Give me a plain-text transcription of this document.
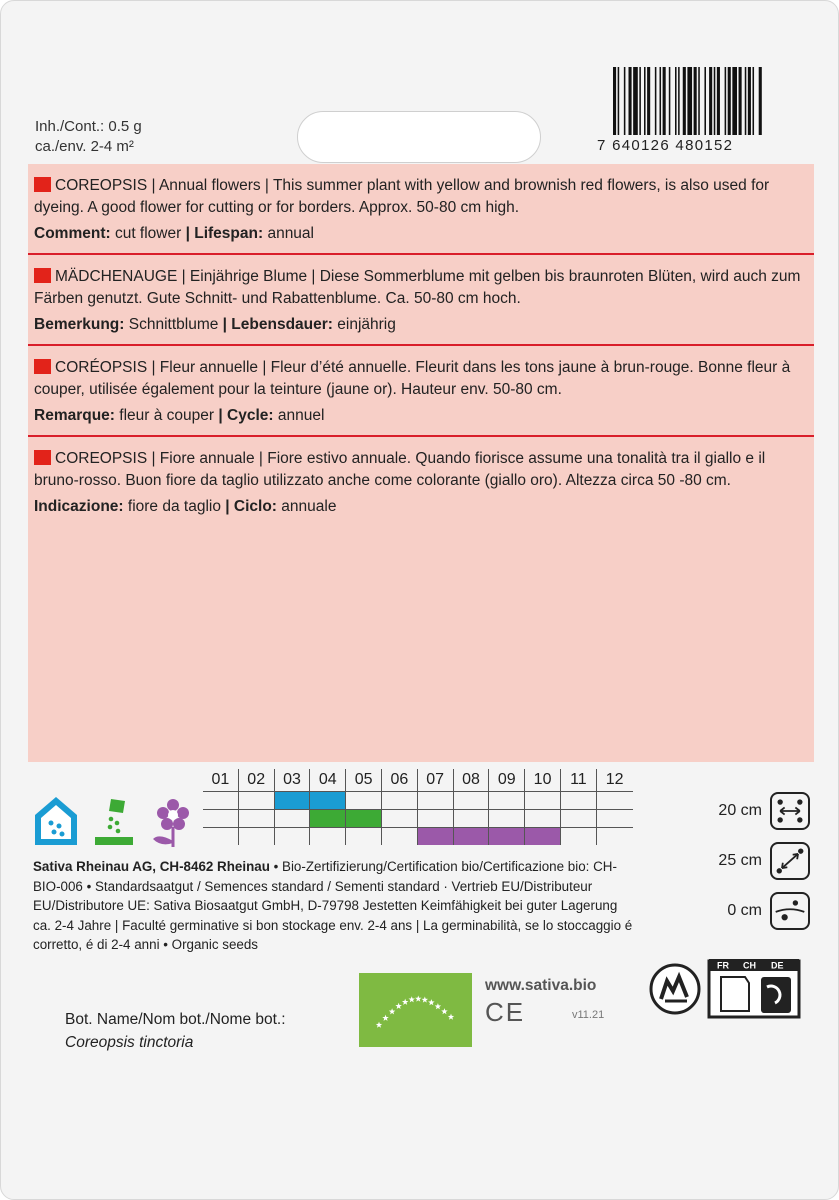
Inh./Cont.: 0.5 g
ca./env. 2-4 m²	7 640126 480152
COREOPSIS | Annual flowers | This summer plant with yellow and brownish red flowers, is also used for dyeing. A good flower for cutting or for borders. Approx. 50-80 cm high.
Comment: cut flower | Lifespan: annual
MÄDCHENAUGE | Einjährige Blume | Diese Sommerblume mit gelben bis braunroten Blüten, wird auch zum Färben genutzt. Gute Schnitt- und Rabattenblume. Ca. 50-80 cm hoch.
Bemerkung: Schnittblume | Lebensdauer: einjährig
CORÉOPSIS | Fleur annuelle | Fleur d’été annuelle. Fleurit dans les tons jaune à brun-rouge. Bonne fleur à couper, utilisée également pour la teinture (jaune or). Hauteur env. 50-80 cm.
Remarque: fleur à couper | Cycle: annuel
COREOPSIS | Fiore annuale | Fiore estivo annuale. Quando fiorisce assume una tonalità tra il giallo e il bruno-rosso. Buon fiore da taglio utilizzato anche come colorante (giallo oro). Altezza circa 50 -80 cm.
Indicazione: fiore da taglio | Ciclo: annuale
01	02	03	04	05	06	07	08	09	10	11	12
20 cm
25 cm
0 cm
Sativa Rheinau AG, CH-8462 Rheinau • Bio-Zertifizierung/Certification bio/Certificazione bio: CH-BIO-006 • Standardsaatgut / Semences standard / Sementi standard · Vertrieb EU/Distributeur EU/Distributore UE: Sativa Biosaatgut GmbH, D-79798 Jestetten Keimfähigkeit bei guter Lagerung ca. 2-4 Jahre | Faculté germinative si bon stockage env. 2-4 ans | La germinabilità, se lo stoccaggio é corretto, é di 2-4 anni • Organic seeds
Bot. Name/Nom bot./Nome bot.:
Coreopsis tinctoria
www.sativa.bio
CE	v11.21
FR CH DE
